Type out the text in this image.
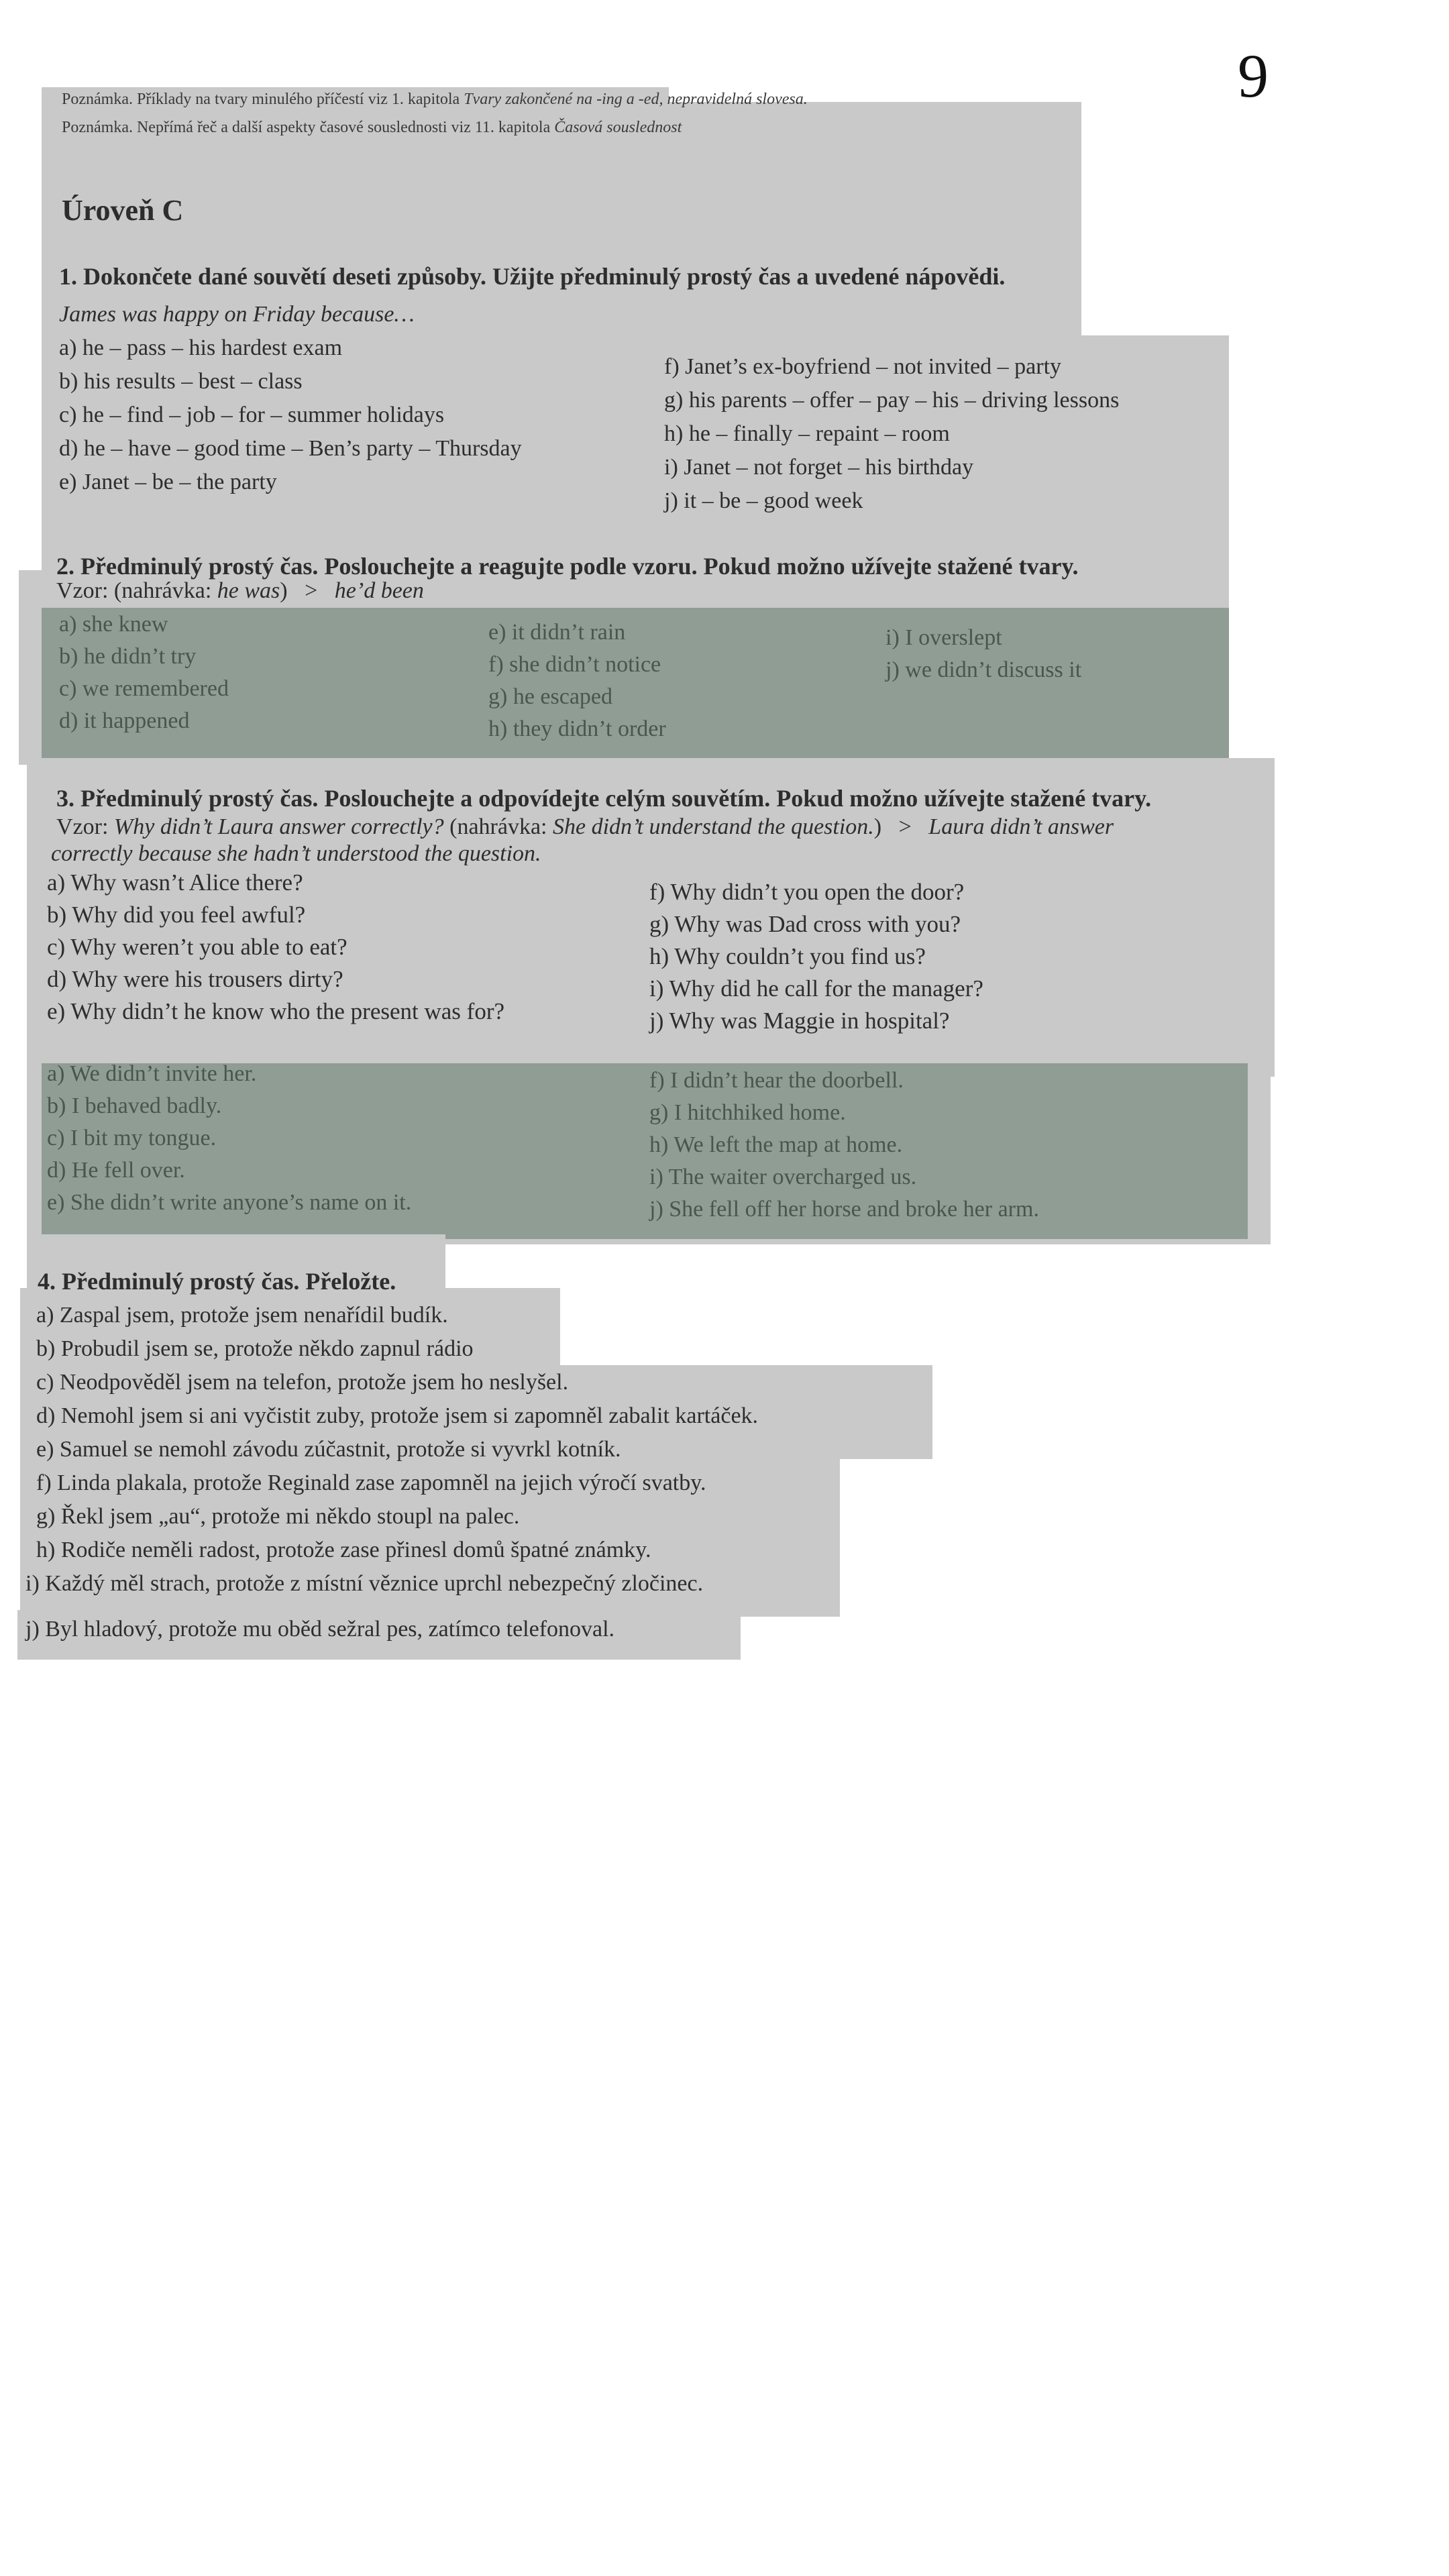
9
Poznámka. Příklady na tvary minulého příčestí viz 1. kapitola Tvary zakončené na -ing a -ed, nepravidelná slovesa.
Poznámka. Nepřímá řeč a další aspekty časové souslednosti viz 11. kapitola Časová souslednost
Úroveň C
1. Dokončete dané souvětí deseti způsoby. Užijte předminulý prostý čas a uvedené nápovědi.
James was happy on Friday because…
a) he – pass – his hardest exam
b) his results – best – class
c) he – find – job – for – summer holidays
d) he – have – good time – Ben’s party – Thursday
e) Janet – be – the party
f) Janet’s ex-boyfriend – not invited – party
g) his parents – offer – pay – his – driving lessons
h) he – finally – repaint – room
i) Janet – not forget – his birthday
j) it – be – good week
2. Předminulý prostý čas. Poslouchejte a reagujte podle vzoru. Pokud možno užívejte stažené tvary.
Vzor: (nahrávka: he was)   >   he’d been
a) she knew
b) he didn’t try
c) we remembered
d) it happened
e) it didn’t rain
f) she didn’t notice
g) he escaped
h) they didn’t order
i) I overslept
j) we didn’t discuss it
3. Předminulý prostý čas. Poslouchejte a odpovídejte celým souvětím. Pokud možno užívejte stažené tvary.
Vzor: Why didn’t Laura answer correctly? (nahrávka: She didn’t understand the question.)   >   Laura didn’t answer
correctly because she hadn’t understood the question.
a) Why wasn’t Alice there?
b) Why did you feel awful?
c) Why weren’t you able to eat?
d) Why were his trousers dirty?
e) Why didn’t he know who the present was for?
f) Why didn’t you open the door?
g) Why was Dad cross with you?
h) Why couldn’t you find us?
i) Why did he call for the manager?
j) Why was Maggie in hospital?
a) We didn’t invite her.
b) I behaved badly.
c) I bit my tongue.
d) He fell over.
e) She didn’t write anyone’s name on it.
f) I didn’t hear the doorbell.
g) I hitchhiked home.
h) We left the map at home.
i) The waiter overcharged us.
j) She fell off her horse and broke her arm.
4. Předminulý prostý čas. Přeložte.
a) Zaspal jsem, protože jsem nenařídil budík.
b) Probudil jsem se, protože někdo zapnul rádio
c) Neodpověděl jsem na telefon, protože jsem ho neslyšel.
d) Nemohl jsem si ani vyčistit zuby, protože jsem si zapomněl zabalit kartáček.
e) Samuel se nemohl závodu zúčastnit, protože si vyvrkl kotník.
f) Linda plakala, protože Reginald zase zapomněl na jejich výročí svatby.
g) Řekl jsem „au“, protože mi někdo stoupl na palec.
h) Rodiče neměli radost, protože zase přinesl domů špatné známky.
i) Každý měl strach, protože z místní věznice uprchl nebezpečný zločinec.
j) Byl hladový, protože mu oběd sežral pes, zatímco telefonoval.
